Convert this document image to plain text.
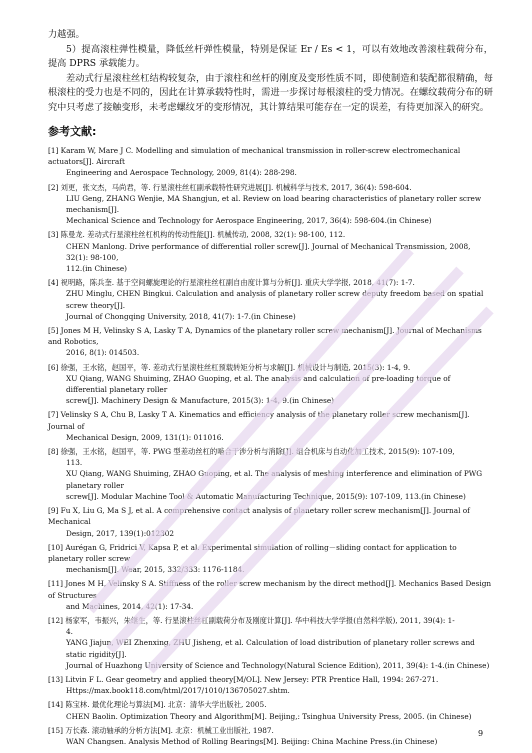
力越强。

5）提高滚柱弹性模量，降低丝杆弹性模量，特别是保证 Er / Es < 1，可以有效地改善滚柱载荷分布，提高 DPRS 承载能力。

差动式行星滚柱丝杠结构较复杂，由于滚柱和丝杆的刚度及变形性质不同，即使制造和装配都很精确，每根滚柱的受力也是不同的，因此在计算承载特性时，需进一步探讨每根滚柱的受力情况。在螺纹载荷分布的研究中只考虑了接触变形，未考虑螺纹牙的变形情况，其计算结果可能存在一定的误差，有待更加深入的研究。

参考文献:
[1] Karam W, Mare J C. Modelling and simulation of mechanical transmission in roller-screw electromechanical actuators[J]. Aircraft
Engineering and Aerospace Technology, 2009, 81(4): 288-298.
[2] 刘更，张文杰，马尚君，等. 行星滚柱丝杠副承载特性研究进展[J]. 机械科学与技术, 2017, 36(4): 598-604.
LIU Geng, ZHANG Wenjie, MA Shangjun, et al. Review on load bearing characteristics of planetary roller screw mechanism[J].
Mechanical Science and Technology for Aerospace Engineering, 2017, 36(4): 598-604.(in Chinese)
[3] 陈曼龙. 差动式行星滚柱丝杠机构的传动性能[J]. 机械传动, 2008, 32(1): 98-100, 112.
CHEN Manlong. Drive performance of differential roller screw[J]. Journal of Mechanical Transmission, 2008, 32(1): 98-100,
112.(in Chinese)
[4] 祝明路，陈兵奎. 基于空间螺旋理论的行星滚柱丝杠副自由度计算与分析[J]. 重庆大学学报, 2018, 41(7): 1-7.
ZHU Minglu, CHEN Bingkui. Calculation and analysis of planetary roller screw deputy freedom based on spatial screw theory[J].
Journal of Chongqing University, 2018, 41(7): 1-7.(in Chinese)
[5] Jones M H, Velinsky S A, Lasky T A, Dynamics of the planetary roller screw mechanism[J]. Journal of Mechanisms and Robotics,
2016, 8(1): 014503.
[6] 徐强，王水铭，赵国平，等. 差动式行星滚柱丝杠预载转矩分析与求解[J]. 机械设计与制造, 2015(3): 1-4, 9.
XU Qiang, WANG Shuiming, ZHAO Guoping, et al. The analysis and calculation of pre-loading torque of differential planetary roller
screw[J]. Machinery Design & Manufacture, 2015(3): 1-4, 9.(in Chinese)
[7] Velinsky S A, Chu B, Lasky T A. Kinematics and efficiency analysis of the planetary roller screw mechanism[J]. Journal of
Mechanical Design, 2009, 131(1): 011016.
[8] 徐强，王水铭，赵国平，等. PWG 型差动丝杠的啮合干涉分析与消除[J]. 组合机床与自动化加工技术, 2015(9): 107-109,
113.
XU Qiang, WANG Shuiming, ZHAO Guoping, et al. The analysis of meshing interference and elimination of PWG planetary roller
screw[J]. Modular Machine Tool & Automatic Manufacturing Technique, 2015(9): 107-109, 113.(in Chinese)
[9] Fu X, Liu G, Ma S J, et al. A comprehensive contact analysis of planetary roller screw mechanism[J]. Journal of Mechanical
Design, 2017, 139(1):012302
[10] Aurégan G, Fridrici V, Kapsa P, et al. Experimental simulation of rolling－sliding contact for application to planetary roller screw
mechanism[J]. Wear, 2015, 332/333: 1176-1184.
[11] Jones M H, Velinsky S A. Stiffness of the roller screw mechanism by the direct method[J]. Mechanics Based Design of Structures
and Machines, 2014, 42(1): 17-34.
[12] 杨家军，韦振兴，朱继生，等. 行星滚柱丝杠副载荷分布及刚度计算[J]. 华中科技大学学报(自然科学版), 2011, 39(4): 1-
4.
YANG Jiajun, WEI Zhenxing, ZHU Jisheng, et al. Calculation of load distribution of planetary roller screws and static rigidity[J].
Journal of Huazhong University of Science and Technology(Natural Science Edition), 2011, 39(4): 1-4.(in Chinese)
[13] Litvin F L. Gear geometry and applied theory[M/OL]. New Jersey: PTR Prentice Hall, 1994: 267-271.
Https://max.book118.com/html/2017/1010/136705027.shtm.
[14] 陈宝林. 最优化理论与算法[M]. 北京：清华大学出版社, 2005.
CHEN Baolin. Optimization Theory and Algorithm[M]. Beijing,: Tsinghua University Press, 2005. (in Chinese)
[15] 万长森. 滚动轴承的分析方法[M]. 北京：机械工业出版社, 1987.
WAN Changsen. Analysis Method of Rolling Bearings[M]. Beijing: China Machine Press.(in Chinese)
9
